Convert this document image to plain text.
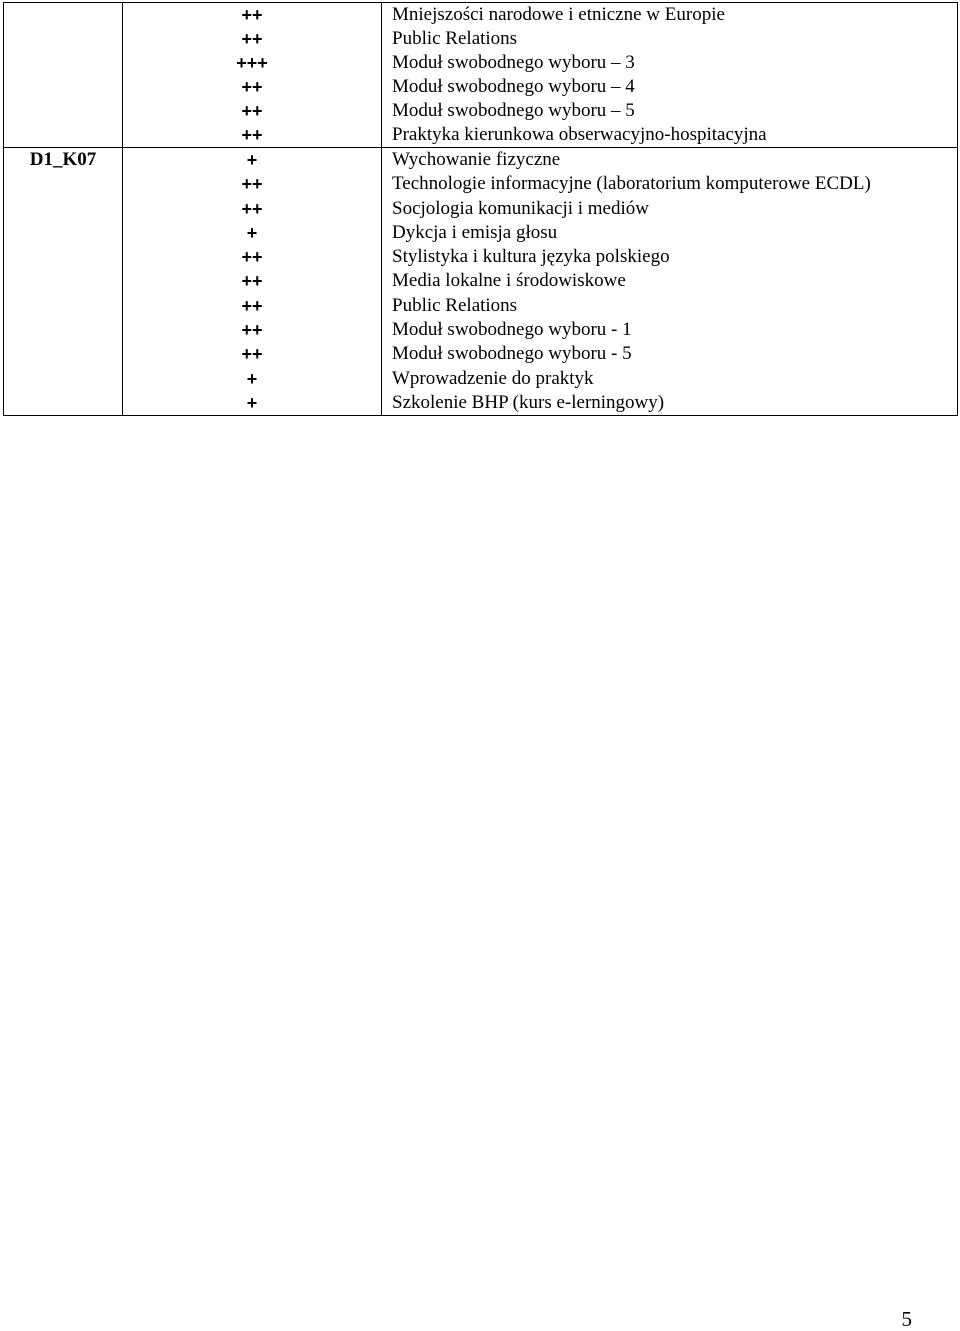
++
++
+++
++
++
++
Mniejszości narodowe i etniczne w Europie
Public Relations
Moduł swobodnego wyboru – 3
Moduł swobodnego wyboru – 4
Moduł swobodnego wyboru – 5
Praktyka kierunkowa obserwacyjno-hospitacyjna
D1_K07	+
++
++
+
++
++
++
++
++
+
+
Wychowanie fizyczne
Technologie informacyjne (laboratorium komputerowe ECDL)
Socjologia komunikacji i mediów
Dykcja i emisja głosu
Stylistyka i kultura języka polskiego
Media lokalne i środowiskowe
Public Relations
Moduł swobodnego wyboru - 1
Moduł swobodnego wyboru - 5
Wprowadzenie do praktyk
Szkolenie BHP (kurs e-lerningowy)
5
